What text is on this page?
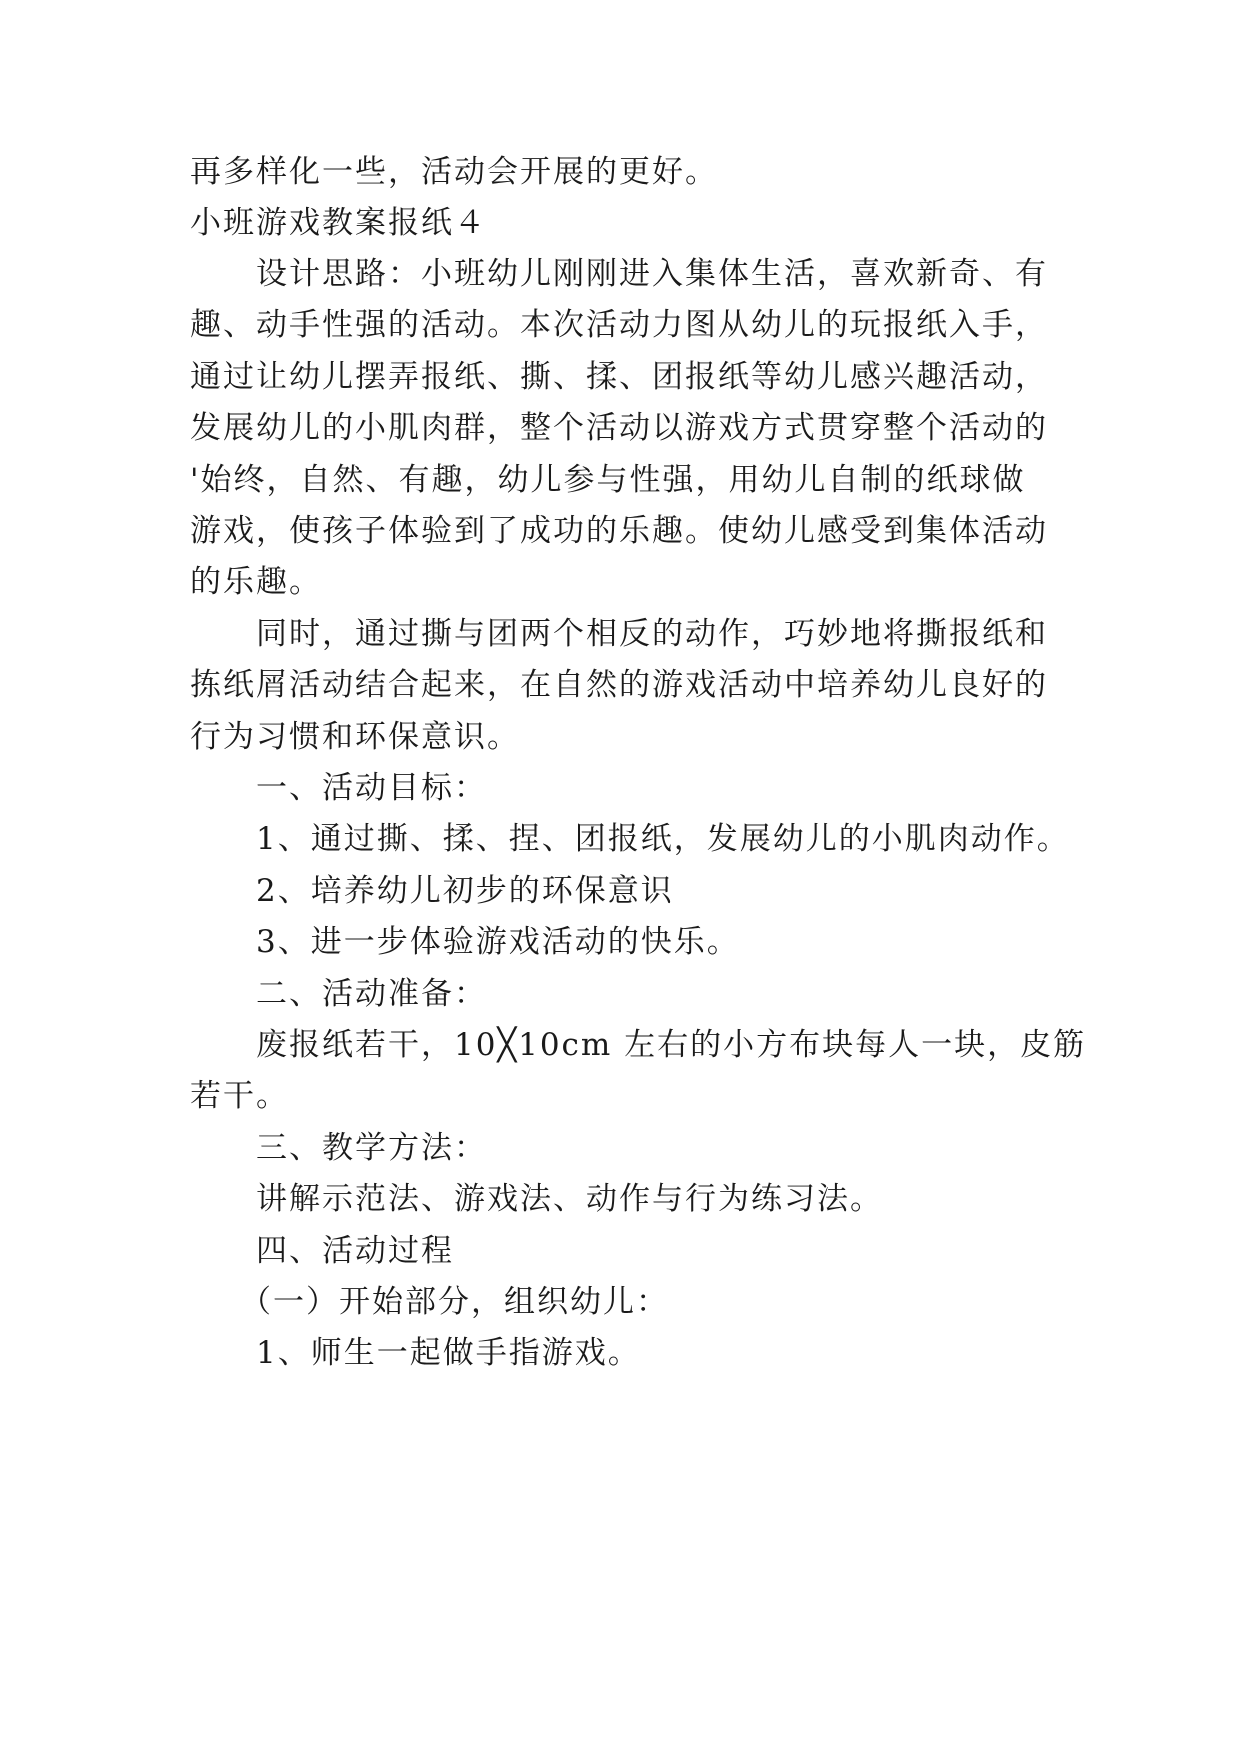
再多样化一些，活动会开展的更好。
小班游戏教案报纸４
设计思路：小班幼儿刚刚进入集体生活，喜欢新奇、有
趣、动手性强的活动。本次活动力图从幼儿的玩报纸入手，
通过让幼儿摆弄报纸、撕、揉、团报纸等幼儿感兴趣活动，
发展幼儿的小肌肉群，整个活动以游戏方式贯穿整个活动的
'始终，自然、有趣，幼儿参与性强，用幼儿自制的纸球做
游戏，使孩子体验到了成功的乐趣。使幼儿感受到集体活动
的乐趣。
同时，通过撕与团两个相反的动作，巧妙地将撕报纸和
拣纸屑活动结合起来，在自然的游戏活动中培养幼儿良好的
行为习惯和环保意识。
一、活动目标：
1、通过撕、揉、捏、团报纸，发展幼儿的小肌肉动作。
2、培养幼儿初步的环保意识
3、进一步体验游戏活动的快乐。
二、活动准备：
废报纸若干，10╳10cm 左右的小方布块每人一块，皮筋
若干。
三、教学方法：
讲解示范法、游戏法、动作与行为练习法。
四、活动过程
（一）开始部分，组织幼儿：
1、师生一起做手指游戏。
